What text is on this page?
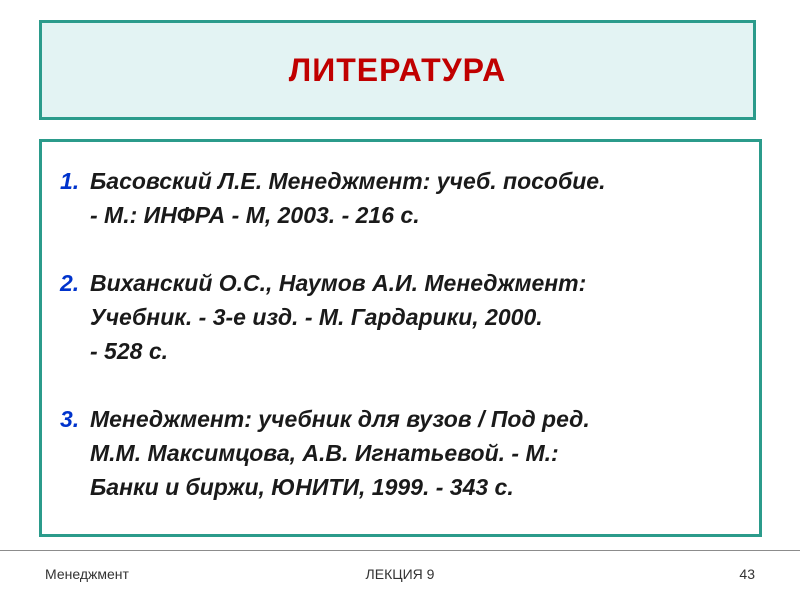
ЛИТЕРАТУРА
1. Басовский Л.Е. Менеджмент: учеб. пособие.
- М.: ИНФРА - М, 2003. - 216 с.
2. Виханский О.С., Наумов А.И. Менеджмент:
Учебник. - 3-е изд. - М. Гардарики, 2000.
- 528 с.
3. Менеджмент: учебник для вузов / Под ред.
М.М. Максимцова, А.В. Игнатьевой. - М.:
Банки и биржи, ЮНИТИ, 1999. - 343 с.
ЛЕКЦИЯ 9
Менеджмент	43
